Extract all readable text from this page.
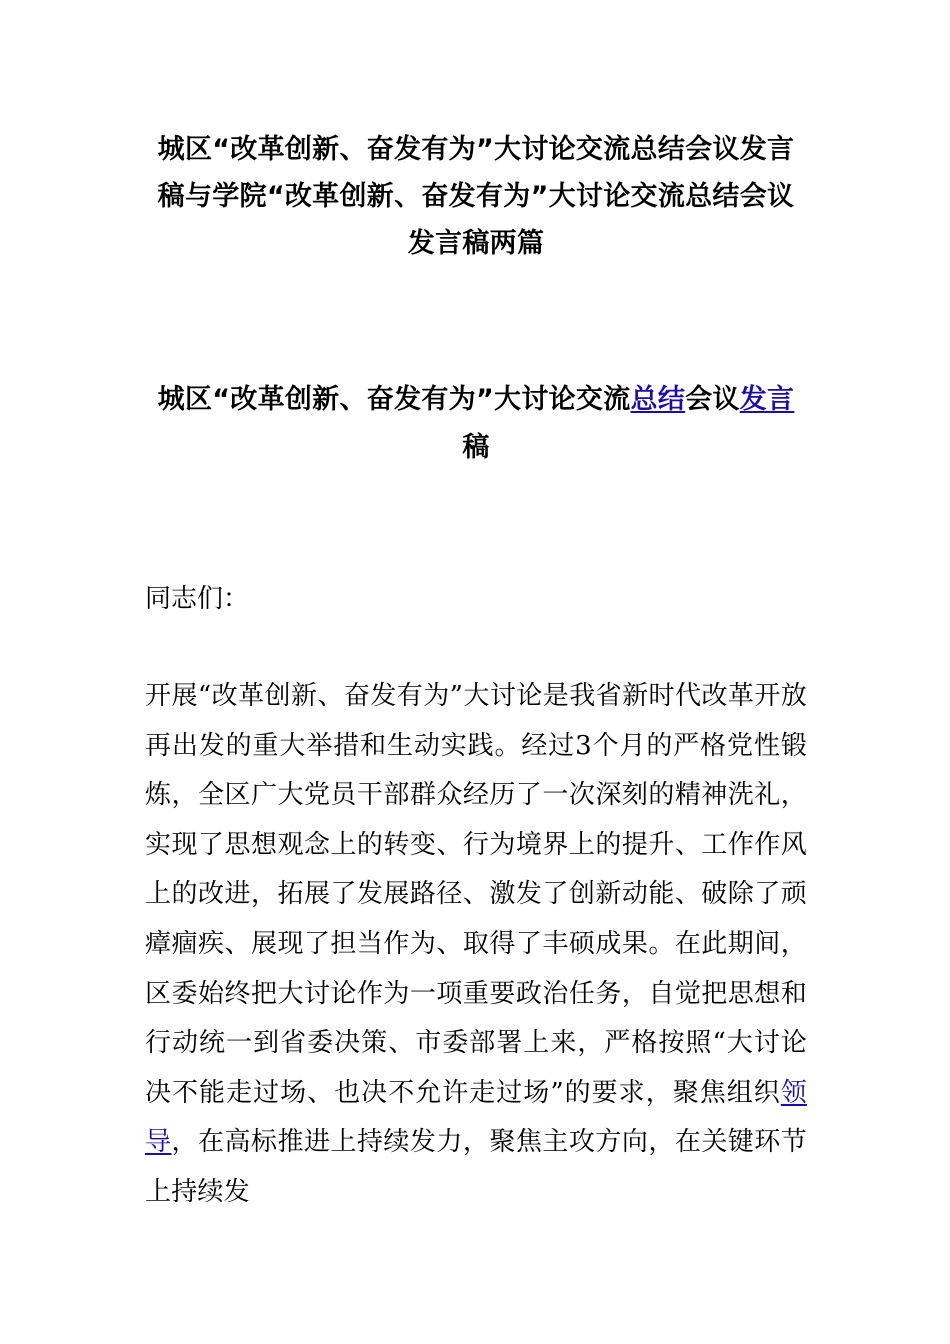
城区“改革创新、奋发有为”大讨论交流总结会议发言稿与学院“改革创新、奋发有为”大讨论交流总结会议发言稿两篇
城区“改革创新、奋发有为”大讨论交流总结会议发言稿

同志们：

开展“改革创新、奋发有为”大讨论是我省新时代改革开放再出发的重大举措和生动实践。经过3个月的严格党性锻炼，全区广大党员干部群众经历了一次深刻的精神洗礼，实现了思想观念上的转变、行为境界上的提升、工作作风上的改进，拓展了发展路径、激发了创新动能、破除了顽瘴痼疾、展现了担当作为、取得了丰硕成果。在此期间，区委始终把大讨论作为一项重要政治任务，自觉把思想和行动统一到省委决策、市委部署上来，严格按照“大讨论决不能走过场、也决不允许走过场”的要求，聚焦组织领导，在高标推进上持续发力，聚焦主攻方向，在关键环节上持续发
